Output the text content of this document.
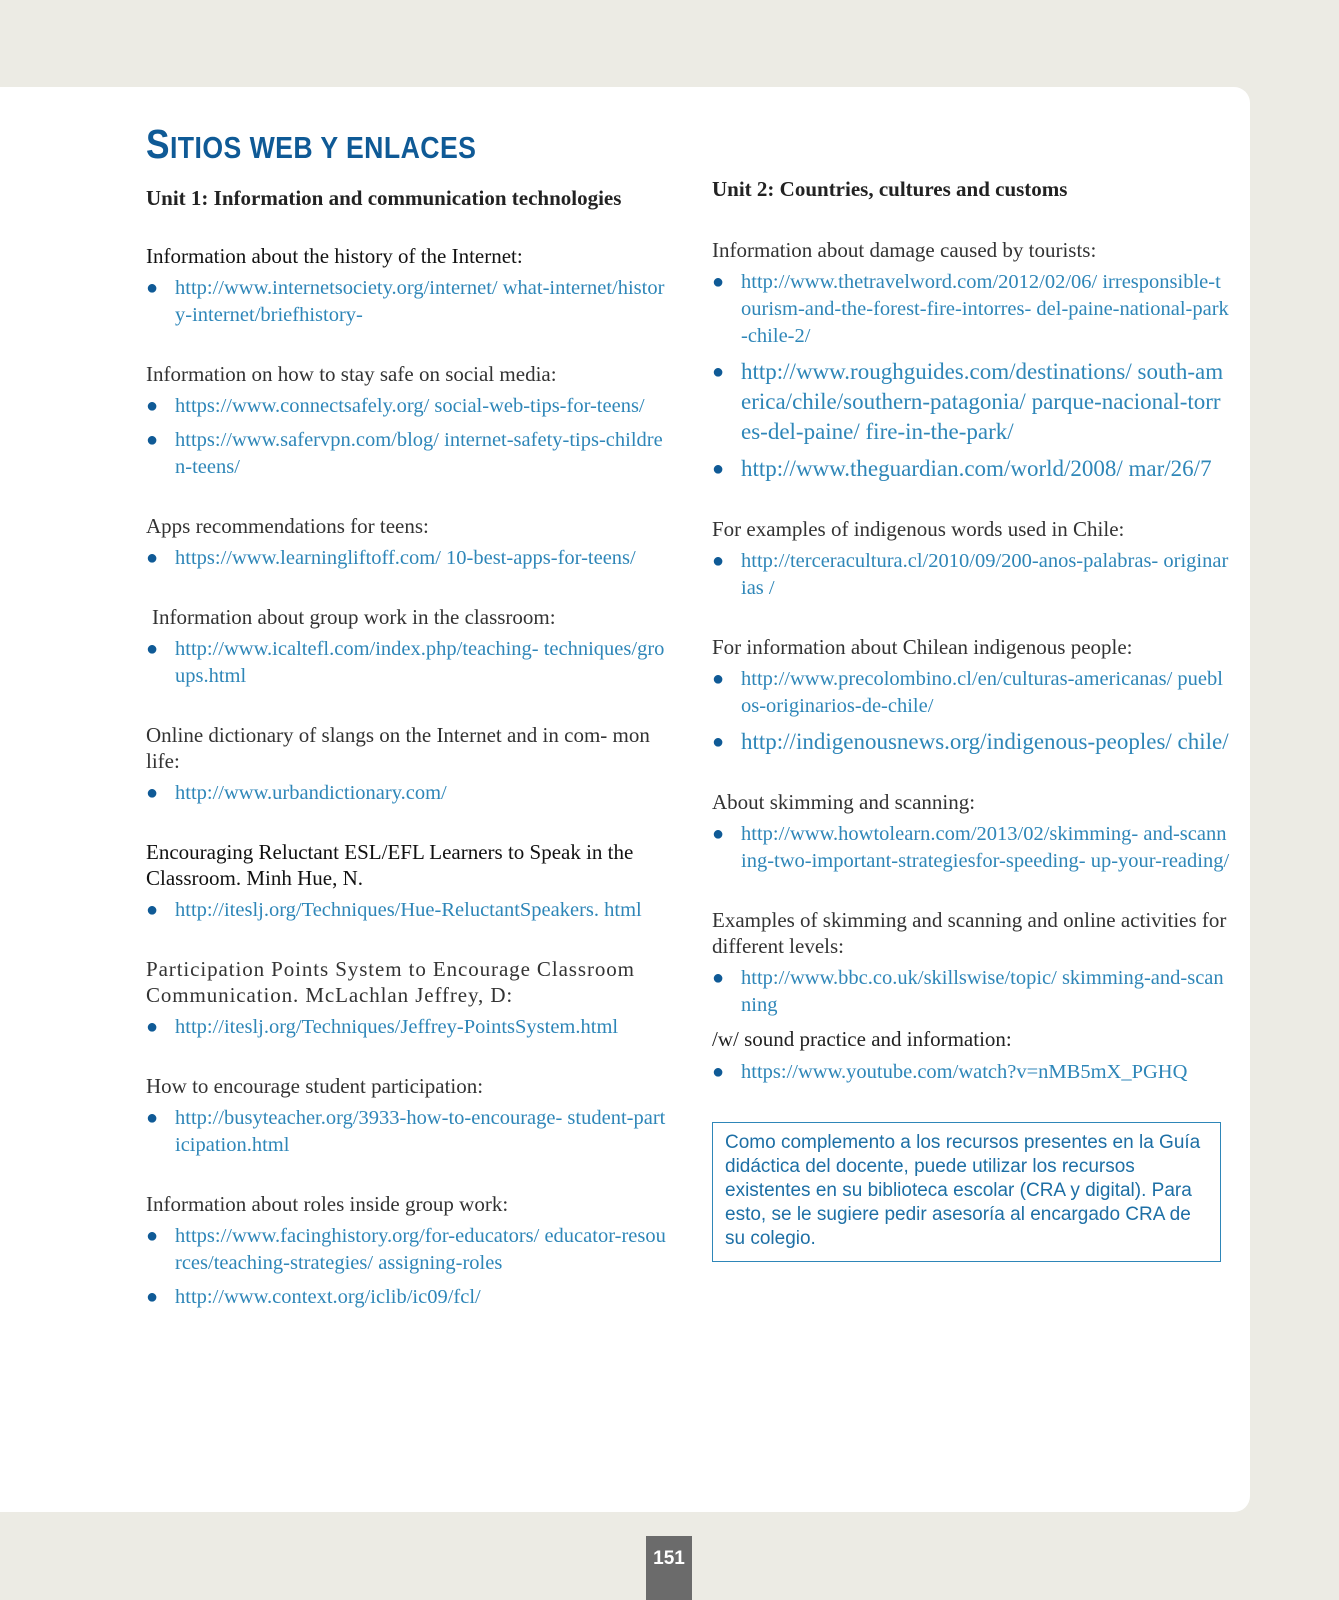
SITIOS WEB Y ENLACES

Unit 1: Information and communication technologies

Information about the history of the Internet:

● http://www.internetsociety.org/internet/ what-internet/history-internet/briefhistory-

Information on how to stay safe on social media:

● https://www.connectsafely.org/ social-web-tips-for-teens/
● https://www.safervpn.com/blog/ internet-safety-tips-children-teens/

Apps recommendations for teens:

● https://www.learningliftoff.com/ 10-best-apps-for-teens/

Information about group work in the classroom:

● http://www.icaltefl.com/index.php/teaching- techniques/groups.html

Online dictionary of slangs on the Internet and in com- mon life:

● http://www.urbandictionary.com/

Encouraging Reluctant ESL/EFL Learners to Speak in the Classroom. Minh Hue, N.

● http://iteslj.org/Techniques/Hue-ReluctantSpeakers. html

Participation Points System to Encourage Classroom Communication. McLachlan Jeffrey, D:

● http://iteslj.org/Techniques/Jeffrey-PointsSystem.html

How to encourage student participation:

● http://busyteacher.org/3933-how-to-encourage- student-participation.html

Information about roles inside group work:

● https://www.facinghistory.org/for-educators/ educator-resources/teaching-strategies/ assigning-roles
● http://www.context.org/iclib/ic09/fcl/

Unit 2: Countries, cultures and customs

Information about damage caused by tourists:

● http://www.thetravelword.com/2012/02/06/ irresponsible-tourism-and-the-forest-fire-intorres- del-paine-national-park-chile-2/
● http://www.roughguides.com/destinations/ south-america/chile/southern-patagonia/ parque-nacional-torres-del-paine/ fire-in-the-park/
● http://www.theguardian.com/world/2008/ mar/26/7

For examples of indigenous words used in Chile:

● http://terceracultura.cl/2010/09/200-anos-palabras- originarias /

For information about Chilean indigenous people:

● http://www.precolombino.cl/en/culturas-americanas/ pueblos-originarios-de-chile/
● http://indigenousnews.org/indigenous-peoples/ chile/

About skimming and scanning:

● http://www.howtolearn.com/2013/02/skimming- and-scanning-two-important-strategiesfor-speeding- up-your-reading/

Examples of skimming and scanning and online activities for different levels:

● http://www.bbc.co.uk/skillswise/topic/ skimming-and-scanning

/w/ sound practice and information:

● https://www.youtube.com/watch?v=nMB5mX_PGHQ
Como complemento a los recursos presentes en la Guía didáctica del docente, puede utilizar los recursos existentes en su biblioteca escolar (CRA y digital). Para esto, se le sugiere pedir asesoría al encargado CRA de su colegio.
151
